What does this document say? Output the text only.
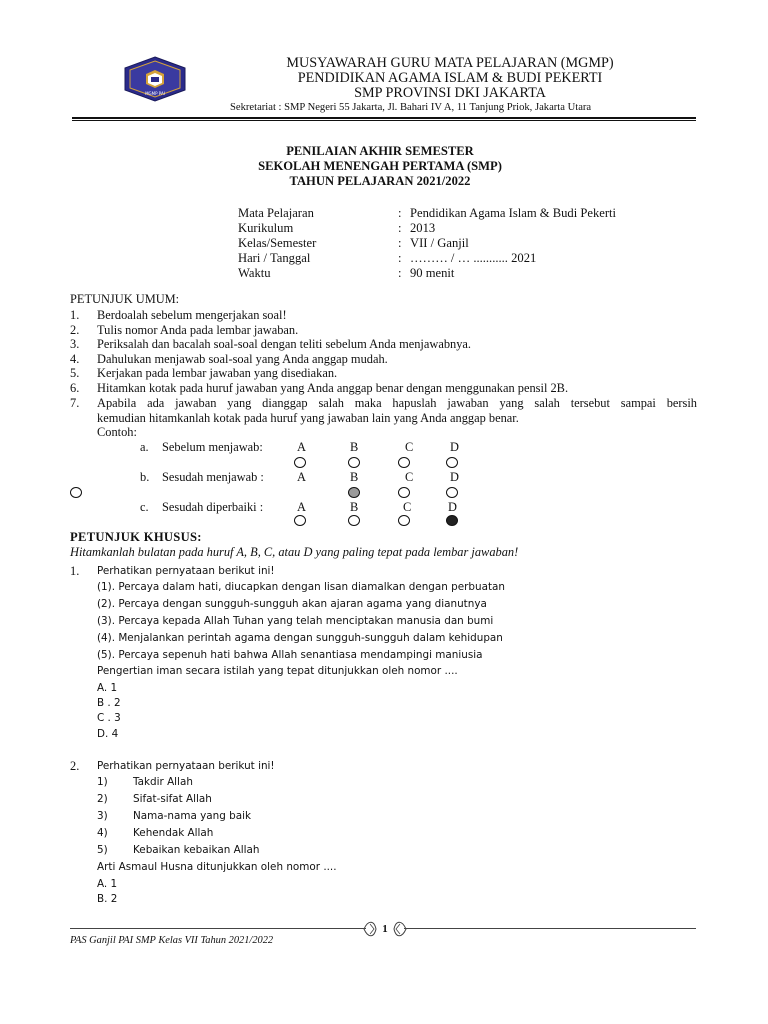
MGMP PAI
MUSYAWARAH GURU MATA PELAJARAN (MGMP)
PENDIDIKAN AGAMA ISLAM & BUDI PEKERTI
SMP PROVINSI DKI JAKARTA
Sekretariat : SMP Negeri 55 Jakarta, Jl. Bahari IV A, 11 Tanjung Priok, Jakarta Utara
PENILAIAN AKHIR SEMESTER
SEKOLAH MENENGAH PERTAMA (SMP)
TAHUN PELAJARAN 2021/2022
Mata Pelajaran	: Pendidikan Agama Islam & Budi Pekerti
Kurikulum	: 2013
Kelas/Semester	: VII / Ganjil
Hari / Tanggal	: ……… / … ........... 2021
Waktu	: 90 menit
PETUNJUK UMUM:
1. Berdoalah sebelum mengerjakan soal!
2. Tulis nomor Anda pada lembar jawaban.
3. Periksalah dan bacalah soal-soal dengan teliti sebelum Anda menjawabnya.
4. Dahulukan menjawab soal-soal yang Anda anggap mudah.
5. Kerjakan pada lembar jawaban yang disediakan.
6. Hitamkan kotak pada huruf jawaban yang Anda anggap benar dengan menggunakan pensil 2B.
7. Apabila ada jawaban yang dianggap salah maka hapuslah jawaban yang salah tersebut sampai bersih
kemudian hitamkanlah kotak pada huruf yang jawaban lain yang Anda anggap benar.
Contoh:
a. Sebelum menjawab:	A	B	C	D
b. Sesudah menjawab :	A	B	C	D
c. Sesudah diperbaiki :	A	B	C	D
PETUNJUK KHUSUS:
Hitamkanlah bulatan pada huruf A, B, C, atau D yang paling tepat pada lembar jawaban!
1. Perhatikan pernyataan berikut ini!
(1). Percaya dalam hati, diucapkan dengan lisan diamalkan dengan perbuatan
(2). Percaya dengan sungguh-sungguh akan ajaran agama yang dianutnya
(3). Percaya kepada Allah Tuhan yang telah menciptakan manusia dan bumi
(4). Menjalankan perintah agama dengan sungguh-sungguh dalam kehidupan
(5). Percaya sepenuh hati bahwa Allah senantiasa mendampingi maniusia
Pengertian iman secara istilah yang tepat ditunjukkan oleh nomor ....
A. 1
B . 2
C . 3
D. 4
2. Perhatikan pernyataan berikut ini!
1) Takdir Allah
2) Sifat-sifat Allah
3) Nama-nama yang baik
4) Kehendak Allah
5) Kebaikan kebaikan Allah
Arti Asmaul Husna ditunjukkan oleh nomor ....
A. 1
B. 2
1
PAS Ganjil PAI SMP Kelas VII Tahun 2021/2022
